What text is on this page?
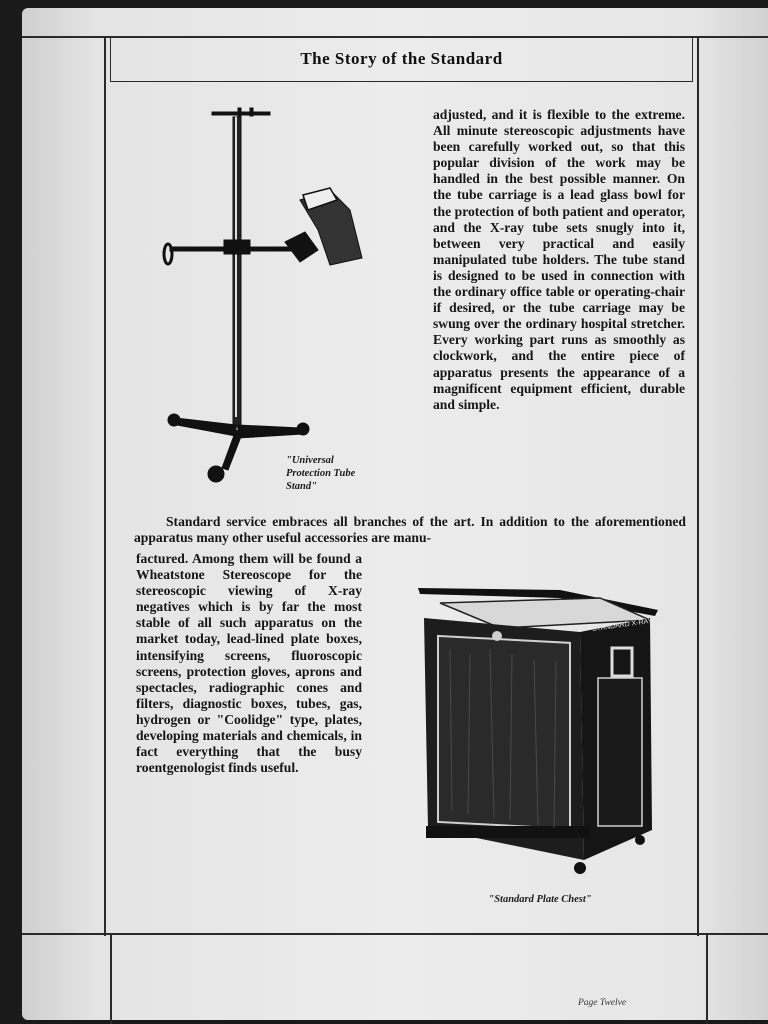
The Story of the Standard
"Universal Protection Tube Stand"
adjusted, and it is flexible to the extreme. All minute stereoscopic adjustments have been carefully worked out, so that this popular division of the work may be handled in the best possible manner. On the tube carriage is a lead glass bowl for the protection of both patient and operator, and the X-ray tube sets snugly into it, between very practical and easily manipulated tube holders. The tube stand is designed to be used in connection with the ordinary office table or operating-chair if desired, or the tube carriage may be swung over the ordinary hospital stretcher. Every working part runs as smoothly as clockwork, and the entire piece of apparatus presents the appearance of a magnificent equipment efficient, durable and simple.
Standard service embraces all branches of the art. In addition to the aforementioned apparatus many other useful accessories are manu-
factured. Among them will be found a Wheatstone Stereoscope for the stereoscopic viewing of X-ray negatives which is by far the most stable of all such apparatus on the market today, lead-lined plate boxes, intensifying screens, fluoroscopic screens, protection gloves, aprons and spectacles, radiographic cones and filters, diagnostic boxes, tubes, gas, hydrogen or "Coolidge" type, plates, developing materials and chemicals, in fact everything that the busy roentgenologist finds useful.
STANDARD X-RAY CO.
"Standard Plate Chest"
Page Twelve
